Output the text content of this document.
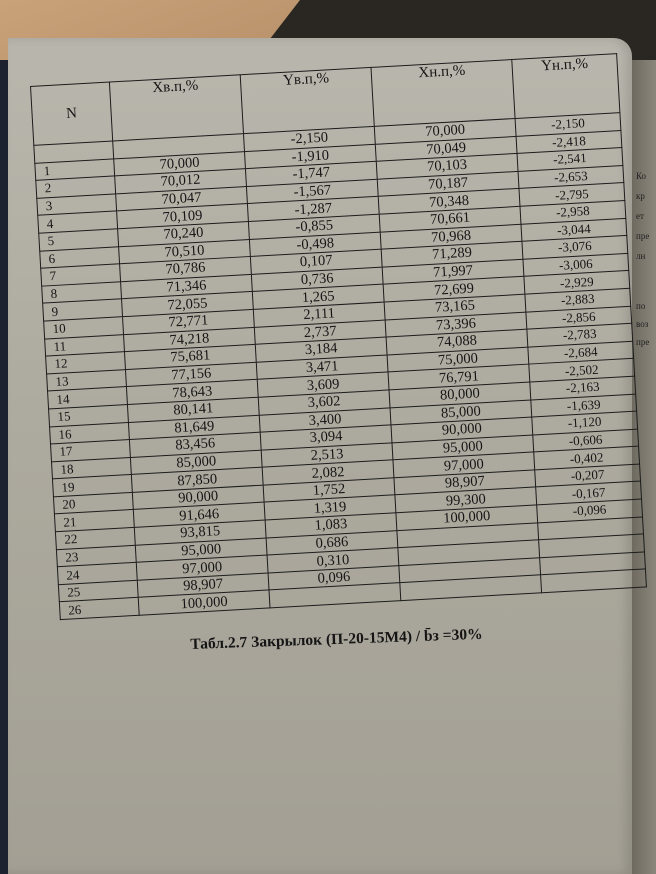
Ко
кр
ет
пре
лн
по
воз
пре
N	Xв.п,%	Yв.п,%	Xн.п,%	Yн.п,%
		-2,150	70,000	-2,150
1	70,000	-1,910	70,049	-2,418
2	70,012	-1,747	70,103	-2,541
3	70,047	-1,567	70,187	-2,653
4	70,109	-1,287	70,348	-2,795
5	70,240	-0,855	70,661	-2,958
6	70,510	-0,498	70,968	-3,044
7	70,786	0,107	71,289	-3,076
8	71,346	0,736	71,997	-3,006
9	72,055	1,265	72,699	-2,929
10	72,771	2,111	73,165	-2,883
11	74,218	2,737	73,396	-2,856
12	75,681	3,184	74,088	-2,783
13	77,156	3,471	75,000	-2,684
14	78,643	3,609	76,791	-2,502
15	80,141	3,602	80,000	-2,163
16	81,649	3,400	85,000	-1,639
17	83,456	3,094	90,000	-1,120
18	85,000	2,513	95,000	-0,606
19	87,850	2,082	97,000	-0,402
20	90,000	1,752	98,907	-0,207
21	91,646	1,319	99,300	-0,167
22	93,815	1,083	100,000	-0,096
23	95,000	0,686		
24	97,000	0,310		
25	98,907	0,096		
26	100,000			
Табл.2.7 Закрылок (П-20-15М4) / b̄з =30%
